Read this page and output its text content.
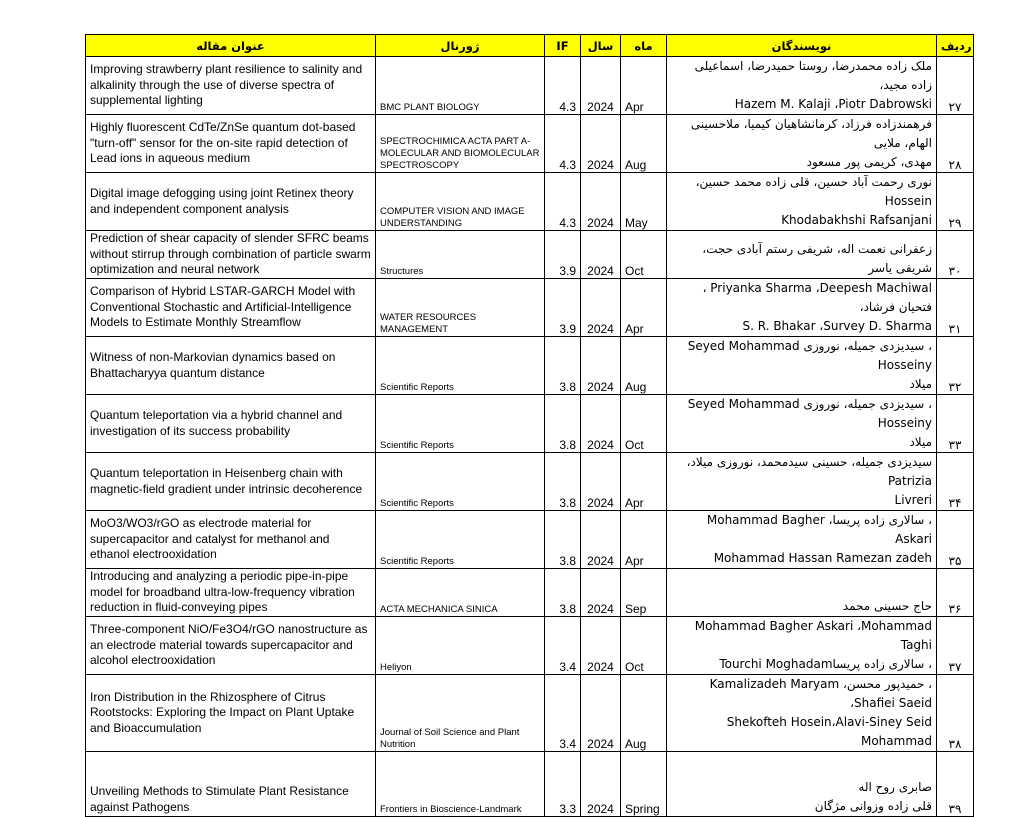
عنوان مقاله	ژورنال	IF	سال	ماه	نویسندگان	ردیف
Improving strawberry plant resilience to salinity and alkalinity through the use of diverse spectra of supplemental lighting	BMC PLANT BIOLOGY	4.3	2024	Apr	ملک زاده محمدرضا، روستا حمیدرضا، اسماعیلی زاده مجید،
Hazem M. Kalaji ،Piotr Dabrowski	۲۷
Highly fluorescent CdTe/ZnSe quantum dot-based "turn-off" sensor for the on-site rapid detection of Lead ions in aqueous medium	SPECTROCHIMICA ACTA PART A-MOLECULAR AND BIOMOLECULAR SPECTROSCOPY	4.3	2024	Aug	فرهمندزاده فرزاد، کرمانشاهیان کیمیا، ملاحسینی الهام، ملایی
مهدی، کریمی پور مسعود	۲۸
Digital image defogging using joint Retinex theory and independent component analysis	COMPUTER VISION AND IMAGE UNDERSTANDING	4.3	2024	May	نوری رحمت آباد حسین، قلی زاده محمد حسین، Hossein
Khodabakhshi Rafsanjani	۲۹
Prediction of shear capacity of slender SFRC beams without stirrup through combination of particle swarm optimization and neural network	Structures	3.9	2024	Oct	زعفرانی نعمت اله، شریفی رستم آبادی حجت، شریفی یاسر	۳۰
Comparison of Hybrid LSTAR-GARCH Model with Conventional Stochastic and Artificial-Intelligence Models to Estimate Monthly Streamflow	WATER RESOURCES MANAGEMENT	3.9	2024	Apr	Priyanka Sharma ،Deepesh Machiwal ، فتحیان فرشاد،
S. R. Bhakar ،Survey D. Sharma	۳۱
Witness of non-Markovian dynamics based on Bhattacharyya quantum distance	Scientific Reports	3.8	2024	Aug	، سیدیزدی جمیله، نوروزی Seyed Mohammad Hosseiny
میلاد	۳۲
Quantum teleportation via a hybrid channel and investigation of its success probability	Scientific Reports	3.8	2024	Oct	، سیدیزدی جمیله، نوروزی Seyed Mohammad Hosseiny
میلاد	۳۳
Quantum teleportation in Heisenberg chain with magnetic-field gradient under intrinsic decoherence	Scientific Reports	3.8	2024	Apr	سیدیزدی جمیله، حسینی سیدمحمد، نوروزی میلاد، Patrizia
Livreri	۳۴
MoO3/WO3/rGO as electrode material for supercapacitor and catalyst for methanol and ethanol electrooxidation	Scientific Reports	3.8	2024	Apr	، سالاری زاده پریسا، Mohammad Bagher Askari
Mohammad Hassan Ramezan zadeh	۳۵
Introducing and analyzing a periodic pipe-in-pipe model for broadband ultra-low-frequency vibration reduction in fluid-conveying pipes	ACTA MECHANICA SINICA	3.8	2024	Sep	حاج حسینی محمد	۳۶
Three-component NiO/Fe3O4/rGO nanostructure as an electrode material towards supercapacitor and alcohol electrooxidation	Heliyon	3.4	2024	Oct	Mohammad Bagher Askari ،Mohammad Taghi
، سالاری زاده پریساTourchi Moghadam	۳۷
Iron Distribution in the Rhizosphere of Citrus Rootstocks: Exploring the Impact on Plant Uptake and Bioaccumulation	Journal of Soil Science and Plant Nutrition	3.4	2024	Aug	، حمیدپور محسن، Kamalizadeh Maryam ،Shafiei Saeid
Shekofteh Hosein،Alavi-Siney Seid Mohammad	۳۸
Unveiling Methods to Stimulate Plant Resistance against Pathogens	Frontiers in Bioscience-Landmark	3.3	2024	Spring	صابری روح اله
قلی زاده وزوانی مژگان	۳۹
